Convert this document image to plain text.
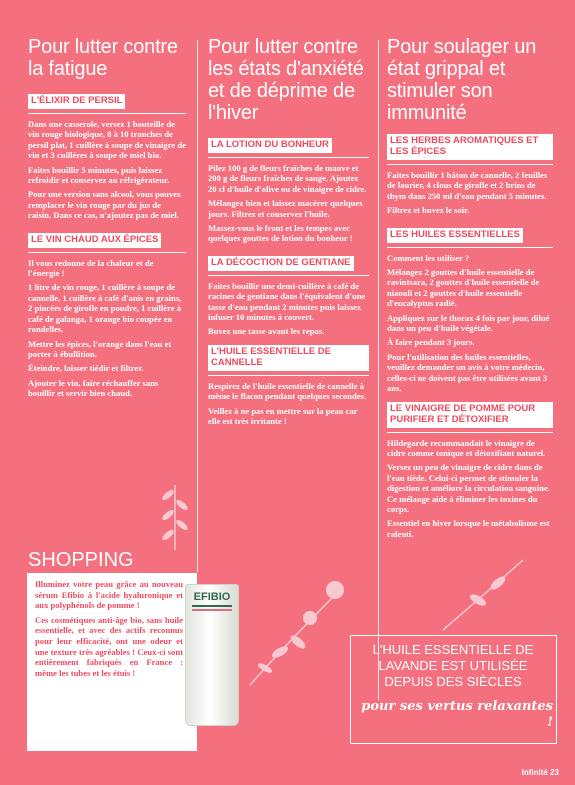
Pour lutter contre la fatigue
L'ÉLIXIR DE PERSIL

Dans une casserole, versez 1 bouteille de vin rouge biologique, 8 à 10 tranches de persil plat, 1 cuillère à soupe de vinaigre de vin et 3 cuillères à soupe de miel bio.

Faites bouillir 5 minutes, puis laissez refroidir et conservez au réfrigérateur.

Pour une version sans alcool, vous pouvez remplacer le vin rouge par du jus de raisin. Dans ce cas, n'ajoutez pas de miel.

LE VIN CHAUD AUX ÉPICES

Il vous redonne de la chaleur et de l'énergie !

1 litre de vin rouge, 1 cuillère à soupe de cannelle, 1 cuillère à café d'anis en grains, 2 pincées de girofle en poudre, 1 cuillère à café de galanga, 1 orange bio coupée en rondelles.

Mettre les épices, l'orange dans l'eau et porter à ébullition.

Éteindre, laisser tiédir et filtrer.

Ajouter le vin, faire réchauffer sans bouillir et servir bien chaud.

Pour lutter contre les états d'anxiété et de déprime de l'hiver
LA LOTION DU BONHEUR

Pilez 100 g de fleurs fraîches de mauve et 200 g de fleurs fraîches de sauge. Ajoutez 20 cl d'huile d'olive ou de vinaigre de cidre.

Mélangez bien et laissez macérer quelques jours. Filtrez et conservez l'huile.

Massez-vous le front et les tempes avec quelques gouttes de lotion du bonheur !

LA DÉCOCTION DE GENTIANE

Faites bouillir une demi-cuillère à café de racines de gentiane dans l'équivalent d'une tasse d'eau pendant 2 minutes puis laissez infuser 10 minutes à couvert.

Buvez une tasse avant les repas.

L'HUILE ESSENTIELLE DE CANNELLE

Respirez de l'huile essentielle de cannelle à même le flacon pendant quelques secondes.

Veillez à ne pas en mettre sur la peau car elle est très irritante !

Pour soulager un état grippal et stimuler son immunité
LES HERBES AROMATIQUES ET LES ÉPICES

Faites bouillir 1 bâton de cannelle, 2 feuilles de laurier, 4 clous de girofle et 2 brins de thym dans 250 ml d'eau pendant 5 minutes.

Filtrez et buvez le soir.

LES HUILES ESSENTIELLES

Comment les utiliser ?

Mélangez 2 gouttes d'huile essentielle de ravintsara, 2 gouttes d'huile essentielle de niaouli et 2 gouttes d'huile essentielle d'eucalyptus radié.

Appliquez sur le thorax 4 fois par jour, dilué dans un peu d'huile végétale.

À faire pendant 3 jours.

Pour l'utilisation des huiles essentielles, veuillez demander un avis à votre médecin, celles-ci ne doivent pas être utilisées avant 3 ans.

LE VINAIGRE DE POMME POUR PURIFIER ET DÉTOXIFIER

Hildegarde recommandait le vinaigre de cidre comme tonique et détoxifiant naturel.

Versez un peu de vinaigre de cidre dans de l'eau tiède. Celui-ci permet de stimuler la digestion et améliore la circulation sanguine. Ce mélange aide à éliminer les toxines du corps.

Essentiel en hiver lorsque le métabolisme est ralenti.

SHOPPING

Illuminez votre peau grâce au nouveau sérum Efibio à l'acide hyaluronique et aux polyphénols de pomme !

Ces cosmétiques anti-âge bio, sans huile essentielle, et avec des actifs reconnus pour leur efficacité, ont une odeur et une texture très agréables ! Ceux-ci sont entièrement fabriqués en France : même les tubes et les étuis !

EFIBIO
L'HUILE ESSENTIELLE DE LAVANDE EST UTILISÉE DEPUIS DES SIÈCLES
pour ses vertus relaxantes !
Infinité 23
